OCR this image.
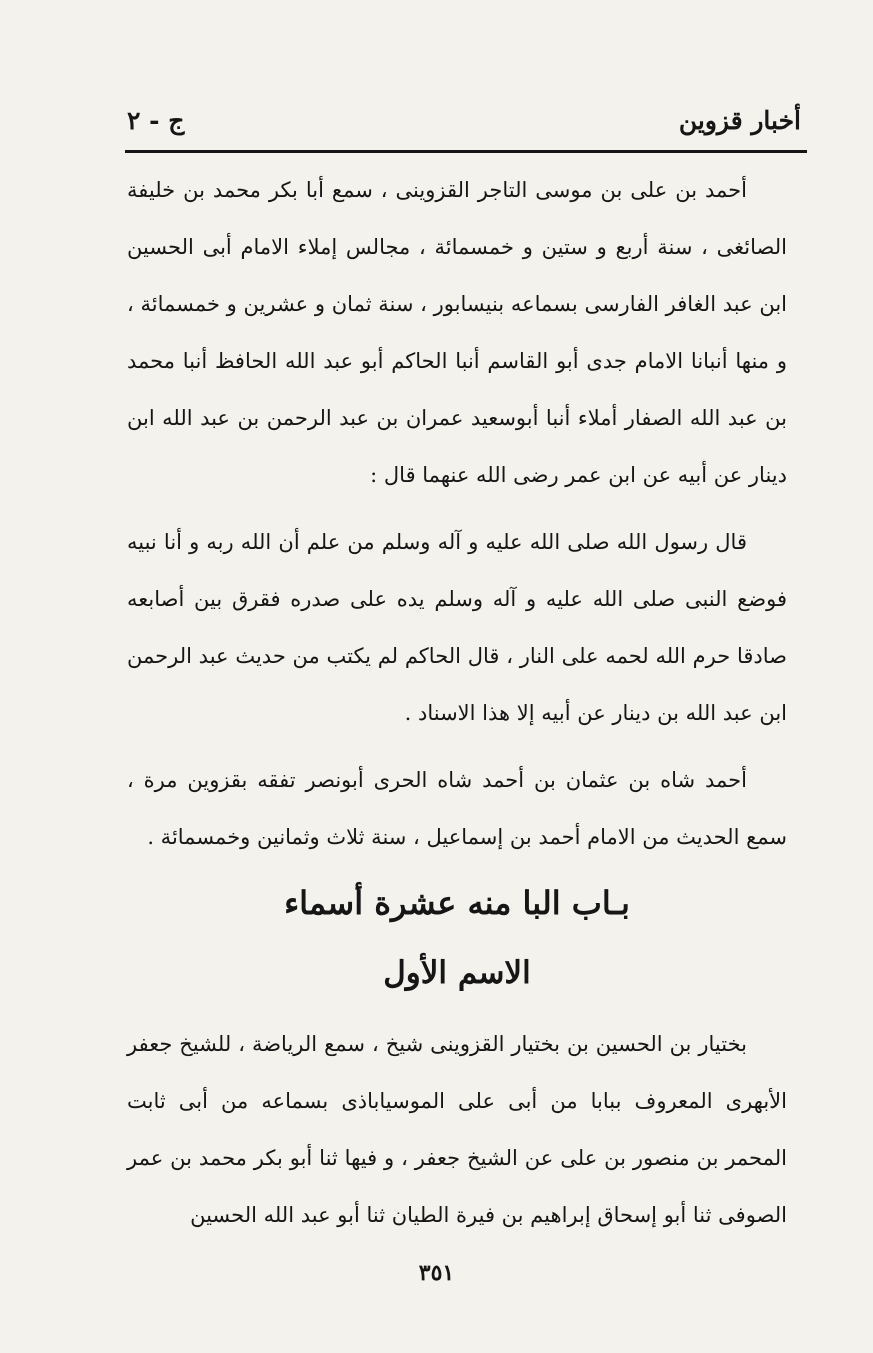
أخبار قزوين
ج - ٢

أحمد بن على بن موسى التاجر القزوينى ، سمع أبا بكر محمد بن خليفة الصائغى ، سنة أربع و ستين و خمسمائة ، مجالس إملاء الامام أبى الحسين ابن عبد الغافر الفارسى بسماعه بنيسابور ، سنة ثمان و عشرين و خمسمائة ، و منها أنبانا الامام جدى أبو القاسم أنبا الحاكم أبو عبد الله الحافظ أنبا محمد بن عبد الله الصفار أملاء أنبا أبوسعيد عمران بن عبد الرحمن بن عبد الله ابن دينار عن أبيه عن ابن عمر رضى الله عنهما قال :

قال رسول الله صلى الله عليه و آله وسلم من علم أن الله ربه و أنا نبيه فوضع النبى صلى الله عليه و آله وسلم يده على صدره فقرق بين أصابعه صادقا حرم الله لحمه على النار ، قال الحاكم لم يكتب من حديث عبد الرحمن ابن عبد الله بن دينار عن أبيه إلا هذا الاسناد .

أحمد شاه بن عثمان بن أحمد شاه الحرى أبونصر تفقه بقزوين مرة ، سمع الحديث من الامام أحمد بن إسماعيل ، سنة ثلاث وثمانين وخمسمائة .

بـاب البا منه عشرة أسماء
الاسم الأول

بختيار بن الحسين بن بختيار القزوينى شيخ ، سمع الرياضة ، للشيخ جعفر الأبهرى المعروف ببابا من أبى على الموسياباذى بسماعه من أبى ثابت المحمر بن منصور بن على عن الشيخ جعفر ، و فيها ثنا أبو بكر محمد بن عمر الصوفى ثنا أبو إسحاق إبراهيم بن فيرة الطيان ثنا أبو عبد الله الحسين

٣٥١
